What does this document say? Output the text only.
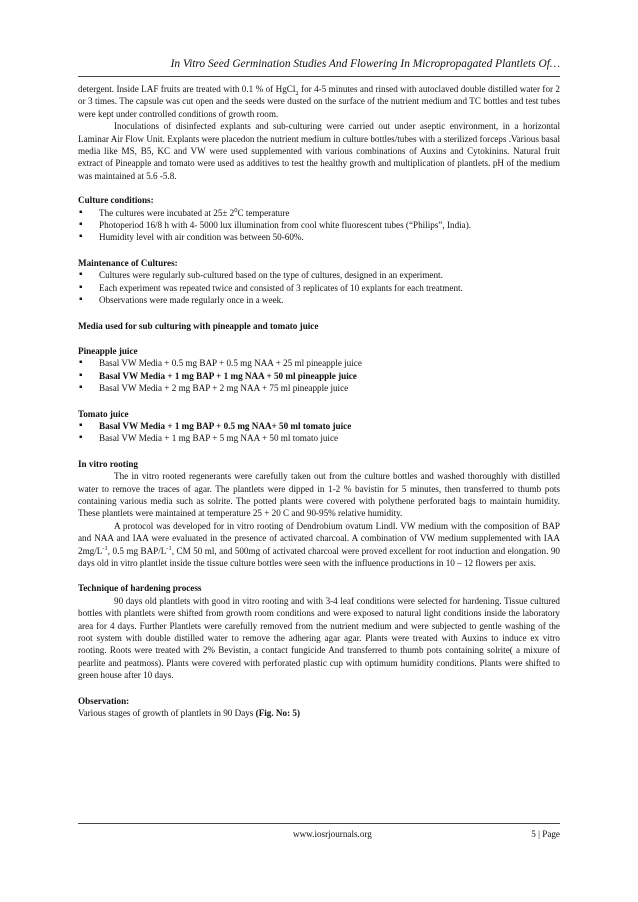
In Vitro Seed Germination Studies And Flowering In Micropropagated Plantlets Of…

detergent. Inside LAF fruits are treated with 0.1 % of HgCl$_2$ for 4-5 minutes and rinsed with autoclaved double distilled water for 2 or 3 times. The capsule was cut open and the seeds were dusted on the surface of the nutrient medium and TC bottles and test tubes were kept under controlled conditions of growth room.

Inoculations of disinfected explants and sub-culturing were carried out under aseptic environment, in a horizontal Laminar Air Flow Unit. Explants were placedon the nutrient medium in culture bottles/tubes with a sterilized forceps .Various basal media like MS, B5, KC and VW were used supplemented with various combinations of Auxins and Cytokinins. Natural fruit extract of Pineapple and tomato were used as additives to test the healthy growth and multiplication of plantlets. pH of the medium was maintained at 5.6 -5.8.

Culture conditions:
▪ The cultures were incubated at $25\pm 2^0C$ temperature
▪ Photoperiod 16/8 h with 4- 5000 lux illumination from cool white fluorescent tubes (“Philips”, India).
▪ Humidity level with air condition was between 50-60%.
Maintenance of Cultures:
▪ Cultures were regularly sub-cultured based on the type of cultures, designed in an experiment.
▪ Each experiment was repeated twice and consisted of 3 replicates of 10 explants for each treatment.
▪ Observations were made regularly once in a week.
Media used for sub culturing with pineapple and tomato juice
Pineapple juice
▪ Basal VW Media + 0.5 mg BAP + 0.5 mg NAA + 25 ml pineapple juice
▪ Basal VW Media + 1 mg BAP + 1 mg NAA + 50 ml pineapple juice
▪ Basal VW Media + 2 mg BAP + 2 mg NAA + 75 ml pineapple juice
Tomato juice
▪ Basal VW Media + 1 mg BAP + 0.5 mg NAA+ 50 ml tomato juice
▪ Basal VW Media + 1 mg BAP + 5 mg NAA + 50 ml tomato juice
In vitro rooting

The in vitro rooted regenerants were carefully taken out from the culture bottles and washed thoroughly with distilled water to remove the traces of agar. The plantlets were dipped in 1-2 % bavistin for 5 minutes, then transferred to thumb pots containing various media such as solrite. The potted plants were covered with polythene perforated bags to maintain humidity. These plantlets were maintained at temperature 25 + 20 C and 90-95% relative humidity.

A protocol was developed for in vitro rooting of Dendrobium ovatum Lindl. VW medium with the composition of BAP and NAA and IAA were evaluated in the presence of activated charcoal. A combination of VW medium supplemented with IAA $2mg/L^{-1}$, 0.5 mg BAP/$L^{-1}$, CM 50 ml, and 500mg of activated charcoal were proved excellent for root induction and elongation. 90 days old in vitro plantlet inside the tissue culture bottles were seen with the influence productions in 10 – 12 flowers per axis.

Technique of hardening process

90 days old plantlets with good in vitro rooting and with 3-4 leaf conditions were selected for hardening. Tissue cultured bottles with plantlets were shifted from growth room conditions and were exposed to natural light conditions inside the laboratory area for 4 days. Further Plantlets were carefully removed from the nutrient medium and were subjected to gentle washing of the root system with double distilled water to remove the adhering agar agar. Plants were treated with Auxins to induce ex vitro rooting. Roots were treated with 2% Bevistin, a contact fungicide And transferred to thumb pots containing solrite( a mixure of pearlite and peatmoss). Plants were covered with perforated plastic cup with optimum humidity conditions. Plants were shifted to green house after 10 days.

Observation:

Various stages of growth of plantlets in 90 Days (Fig. No: 5)

www.iosrjournals.org	5 | Page
